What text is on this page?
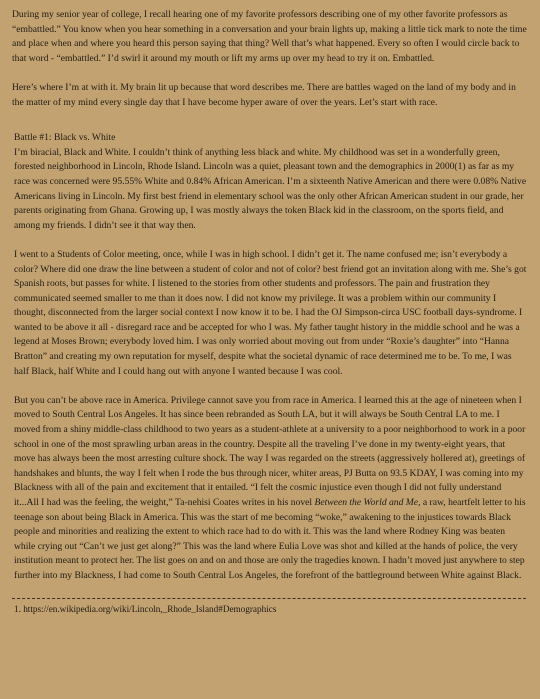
During my senior year of college, I recall hearing one of my favorite professors describing one of my other favorite professors as “embattled.” You know when you hear something in a conversation and your brain lights up, making a little tick mark to note the time and place when and where you heard this person saying that thing? Well that’s what happened. Every so often I would circle back to that word - “embattled.” I’d swirl it around my mouth or lift my arms up over my head to try it on. Embattled.

Here’s where I’m at with it. My brain lit up because that word describes me. There are battles waged on the land of my body and in the matter of my mind every single day that I have become hyper aware of over the years. Let’s start with race.

Battle #1: Black vs. White

I’m biracial, Black and White. I couldn’t think of anything less black and white. My childhood was set in a wonderfully green, forested neighborhood in Lincoln, Rhode Island. Lincoln was a quiet, pleasant town and the demographics in 2000(1) as far as my race was concerned were 95.55% White and 0.84% African American. I’m a sixteenth Native American and there were 0.08% Native Americans living in Lincoln. My first best friend in elementary school was the only other African American student in our grade, her parents originating from Ghana. Growing up, I was mostly always the token Black kid in the classroom, on the sports field, and among my friends. I didn’t see it that way then.

I went to a Students of Color meeting, once, while I was in high school. I didn’t get it. The name confused me; isn’t everybody a color? Where did one draw the line between a student of color and not of color? best friend got an invitation along with me. She’s got Spanish roots, but passes for white. I listened to the stories from other students and professors. The pain and frustration they communicated seemed smaller to me than it does now. I did not know my privilege. It was a problem within our community I thought, disconnected from the larger social context I now know it to be. I had the OJ Simpson-circa USC football days-syndrome. I wanted to be above it all - disregard race and be accepted for who I was. My father taught history in the middle school and he was a legend at Moses Brown; everybody loved him. I was only worried about moving out from under “Roxie’s daughter” into “Hanna Bratton” and creating my own reputation for myself, despite what the societal dynamic of race determined me to be. To me, I was half Black, half White and I could hang out with anyone I wanted because I was cool.

But you can’t be above race in America. Privilege cannot save you from race in America. I learned this at the age of nineteen when I moved to South Central Los Angeles. It has since been rebranded as South LA, but it will always be South Central LA to me. I moved from a shiny middle-class childhood to two years as a student-athlete at a university to a poor neighborhood to work in a poor school in one of the most sprawling urban areas in the country. Despite all the traveling I’ve done in my twenty-eight years, that move has always been the most arresting culture shock. The way I was regarded on the streets (aggressively hollered at), greetings of handshakes and blunts, the way I felt when I rode the bus through nicer, whiter areas, PJ Butta on 93.5 KDAY, I was coming into my Blackness with all of the pain and excitement that it entailed. “I felt the cosmic injustice even though I did not fully understand it...All I had was the feeling, the weight,” Ta-nehisi Coates writes in his novel Between the World and Me, a raw, heartfelt letter to his teenage son about being Black in America. This was the start of me becoming “woke,” awakening to the injustices towards Black people and minorities and realizing the extent to which race had to do with it. This was the land where Rodney King was beaten while crying out “Can’t we just get along?” This was the land where Eulia Love was shot and killed at the hands of police, the very institution meant to protect her. The list goes on and on and those are only the tragedies known. I hadn’t moved just anywhere to step further into my Blackness, I had come to South Central Los Angeles, the forefront of the battleground between White against Black.

1. https://en.wikipedia.org/wiki/Lincoln,_Rhode_Island#Demographics
